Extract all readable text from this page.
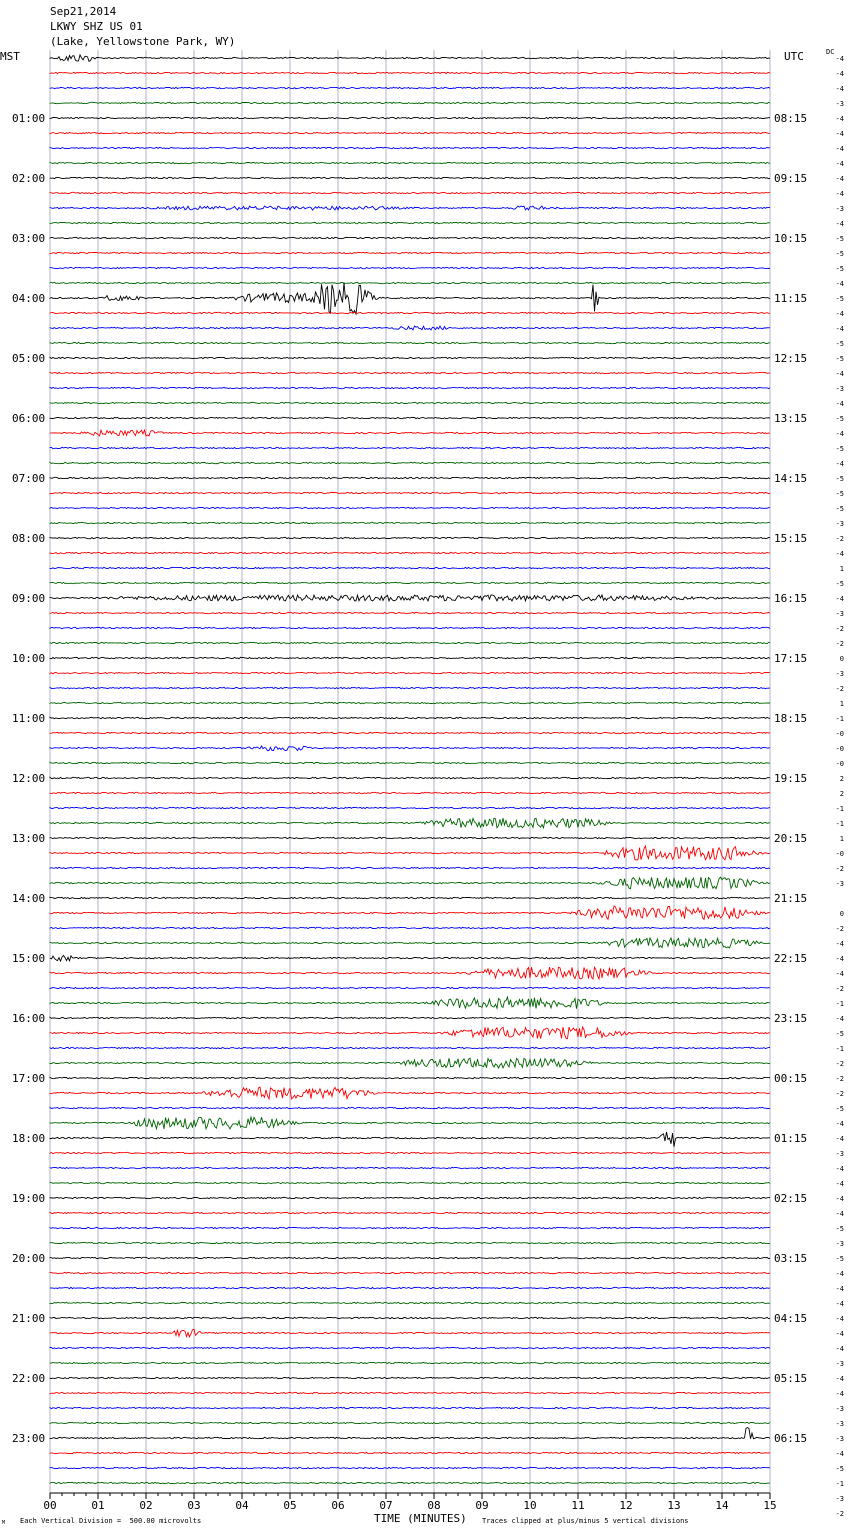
Sep21,2014
LKWY SHZ US 01
(Lake, Yellowstone Park, WY)
MST	UTC	DC
01:00
02:00
03:00
04:00
05:00
06:00
07:00
08:00
09:00
10:00
11:00
12:00
13:00
14:00
15:00
16:00
17:00
18:00
19:00
20:00
21:00
22:00
23:00
08:15
09:15
10:15
11:15
12:15
13:15
14:15
15:15
16:15
17:15
18:15
19:15
20:15
21:15
22:15
23:15
00:15
01:15
02:15
03:15
04:15
05:15
06:15
-4
-4
-4
-3
-4
-4
-4
-4
-4
-4
-3
-4
-5
-5
-5
-4
-5
-4
-4
-5
-5
-4
-3
-4
-5
-4
-5
-4
-5
-5
-5
-3
-2
-4
1
-5
-4
-3
-2
-2
0
-3
-2
1
-1
-0
-0
-0
2
2
-1
-1
1
-0
-2
-3
0
-2
-4
-4
-4
-2
-1
-4
-5
-1
-2
-2
-2
-5
-4
-4
-3
-4
-4
-4
-4
-5
-3
-5
-4
-4
-4
-4
-4
-4
-3
-4
-4
-3
-3
-3
-4
-5
-1
-3
-2
00	01	02	03	04	05	06	07	08	09	10	11	12	13	14	15
TIME (MINUTES)
Each Vertical Division =  500.00 microvolts	Traces clipped at plus/minus 5 vertical divisions
M
